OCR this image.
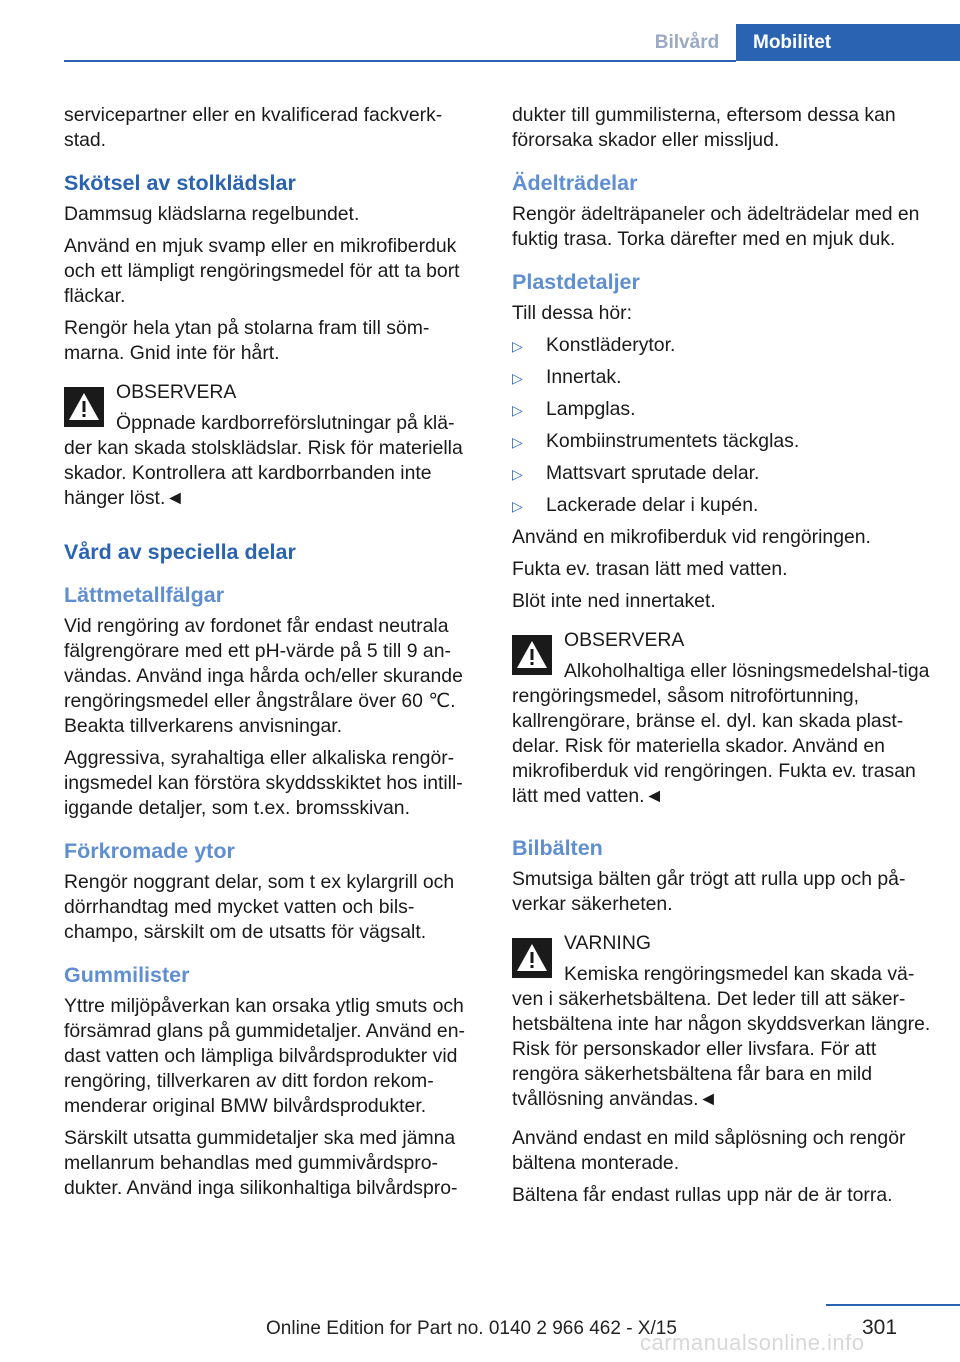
Bilvård	Mobilitet

servicepartner eller en kvalificerad fackverk-stad.

Skötsel av stolklädslar

Dammsug klädslarna regelbundet.

Använd en mjuk svamp eller en mikrofiberduk och ett lämpligt rengöringsmedel för att ta bort fläckar.

Rengör hela ytan på stolarna fram till söm-marna. Gnid inte för hårt.

OBSERVERA
Öppnade kardborreförslutningar på klä-der kan skada stolsklädslar. Risk för materiella skador. Kontrollera att kardborrbanden inte hänger löst.◄
Vård av speciella delar
Lättmetallfälgar

Vid rengöring av fordonet får endast neutrala fälgrengörare med ett pH-värde på 5 till 9 an-vändas. Använd inga hårda och/eller skurande rengöringsmedel eller ångstrålare över 60 ℃. Beakta tillverkarens anvisningar.

Aggressiva, syrahaltiga eller alkaliska rengör-ingsmedel kan förstöra skyddsskiktet hos intill-iggande detaljer, som t.ex. bromsskivan.

Förkromade ytor

Rengör noggrant delar, som t ex kylargrill och dörrhandtag med mycket vatten och bils-champo, särskilt om de utsatts för vägsalt.

Gummilister

Yttre miljöpåverkan kan orsaka ytlig smuts och försämrad glans på gummidetaljer. Använd en-dast vatten och lämpliga bilvårdsprodukter vid rengöring, tillverkaren av ditt fordon rekom-menderar original BMW bilvårdsprodukter.

Särskilt utsatta gummidetaljer ska med jämna mellanrum behandlas med gummivårdspro-dukter. Använd inga silikonhaltiga bilvårdspro-

dukter till gummilisterna, eftersom dessa kan förorsaka skador eller missljud.

Ädelträdelar

Rengör ädelträpaneler och ädelträdelar med en fuktig trasa. Torka därefter med en mjuk duk.

Plastdetaljer

Till dessa hör:

▷ Konstläderytor.
▷ Innertak.
▷ Lampglas.
▷ Kombiinstrumentets täckglas.
▷ Mattsvart sprutade delar.
▷ Lackerade delar i kupén.

Använd en mikrofiberduk vid rengöringen.

Fukta ev. trasan lätt med vatten.

Blöt inte ned innertaket.

OBSERVERA
Alkoholhaltiga eller lösningsmedelshal-tiga rengöringsmedel, såsom nitroförtunning, kallrengörare, bränse el. dyl. kan skada plast-delar. Risk för materiella skador. Använd en mikrofiberduk vid rengöringen. Fukta ev. trasan lätt med vatten.◄
Bilbälten

Smutsiga bälten går trögt att rulla upp och på-verkar säkerheten.

VARNING
Kemiska rengöringsmedel kan skada vä-ven i säkerhetsbältena. Det leder till att säker-hetsbältena inte har någon skyddsverkan längre. Risk för personskador eller livsfara. För att rengöra säkerhetsbältena får bara en mild tvållösning användas.◄

Använd endast en mild såplösning och rengör bältena monterade.

Bältena får endast rullas upp när de är torra.

301
carmanualsonline.info
Online Edition for Part no. 0140 2 966 462 - X/15
